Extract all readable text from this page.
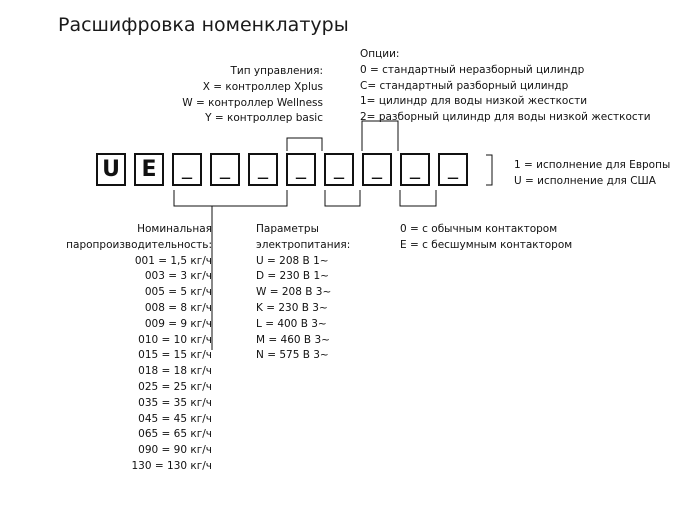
Расшифровка номенклатуры
Тип управления:
X = контроллер Xplus
W = контроллер Wellness
Y = контроллер basic
Опции:
0 = стандартный неразборный цилиндр
C= стандартный разборный цилиндр
1= цилиндр для воды низкой жесткости
2= разборный цилиндр для воды низкой жесткости
1 = исполнение для Европы
U = исполнение для США
U E	_	_	_	_	_	_	_	_
Номинальная
паропроизводительность:
001 = 1,5 кг/ч
003 = 3 кг/ч
005 = 5 кг/ч
008 = 8 кг/ч
009 = 9 кг/ч
010 = 10 кг/ч
015 = 15 кг/ч
018 = 18 кг/ч
025 = 25 кг/ч
035 = 35 кг/ч
045 = 45 кг/ч
065 = 65 кг/ч
090 = 90 кг/ч
130 = 130 кг/ч
Параметры
электропитания:
U = 208 В 1~
D = 230 В 1~
W = 208 В 3~
K = 230 В 3~
L = 400 В 3~
M = 460 В 3~
N = 575 В 3~
0 = с обычным контактором
E = с бесшумным контактором
